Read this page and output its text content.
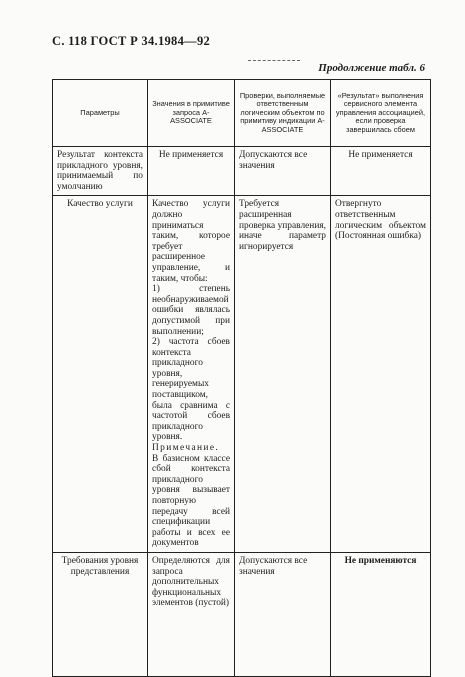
С. 118 ГОСТ Р 34.1984—92
Продолжение табл. 6
Параметры	Значения в примитиве запроса A-ASSOCIATE	Проверки, выполняемые ответственным логическим объектом по примитиву индикации A-ASSOCIATE	«Результат» выполнения сервисного элемента управления ассоциацией, если проверка завершилась сбоем
Результат контекста прикладного уровня, принимаемый по умолчанию	Не применяется	Допускаются все значения	Не применяется
Качество услуги	Качество услуги должно приниматься таким, которое требует расширенное управление, и таким, чтобы:
1) степень необнаруживаемой ошибки являлась допустимой при выполнении;
2) частота сбоев контекста прикладного уровня, генерируемых поставщиком, была сравнима с частотой сбоев прикладного уровня.
Примечание.
В базисном классе сбой контекста прикладного уровня вызывает повторную передачу всей спецификации работы и всех ее документов	Требуется расширенная проверка управления, иначе параметр игнорируется	Отвергнуто ответственным логическим объектом (Постоянная ошибка)
Требования уровня представления	Определяются для запроса дополнительных функциональных элементов (пустой)	Допускаются все значения	Не применяются
